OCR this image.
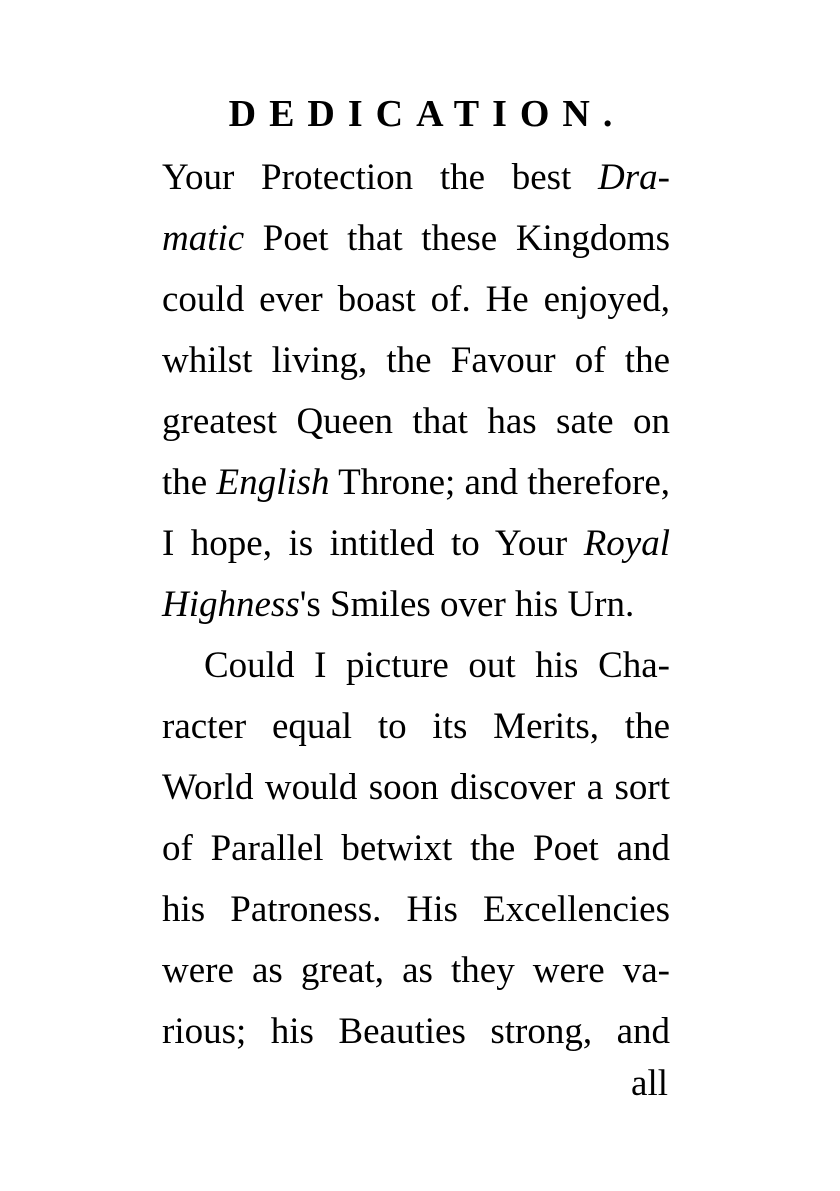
DEDICATION.
Your Protection the best Dra-
matic Poet that these Kingdoms
could ever boast of. He enjoyed,
whilst living, the Favour of the
greatest Queen that has sate on
the English Throne; and therefore,
I hope, is intitled to Your Royal
Highness's Smiles over his Urn.
Could I picture out his Cha-
racter equal to its Merits, the
World would soon discover a sort
of Parallel betwixt the Poet and
his Patroness. His Excellencies
were as great, as they were va-
rious; his Beauties strong, and
all
